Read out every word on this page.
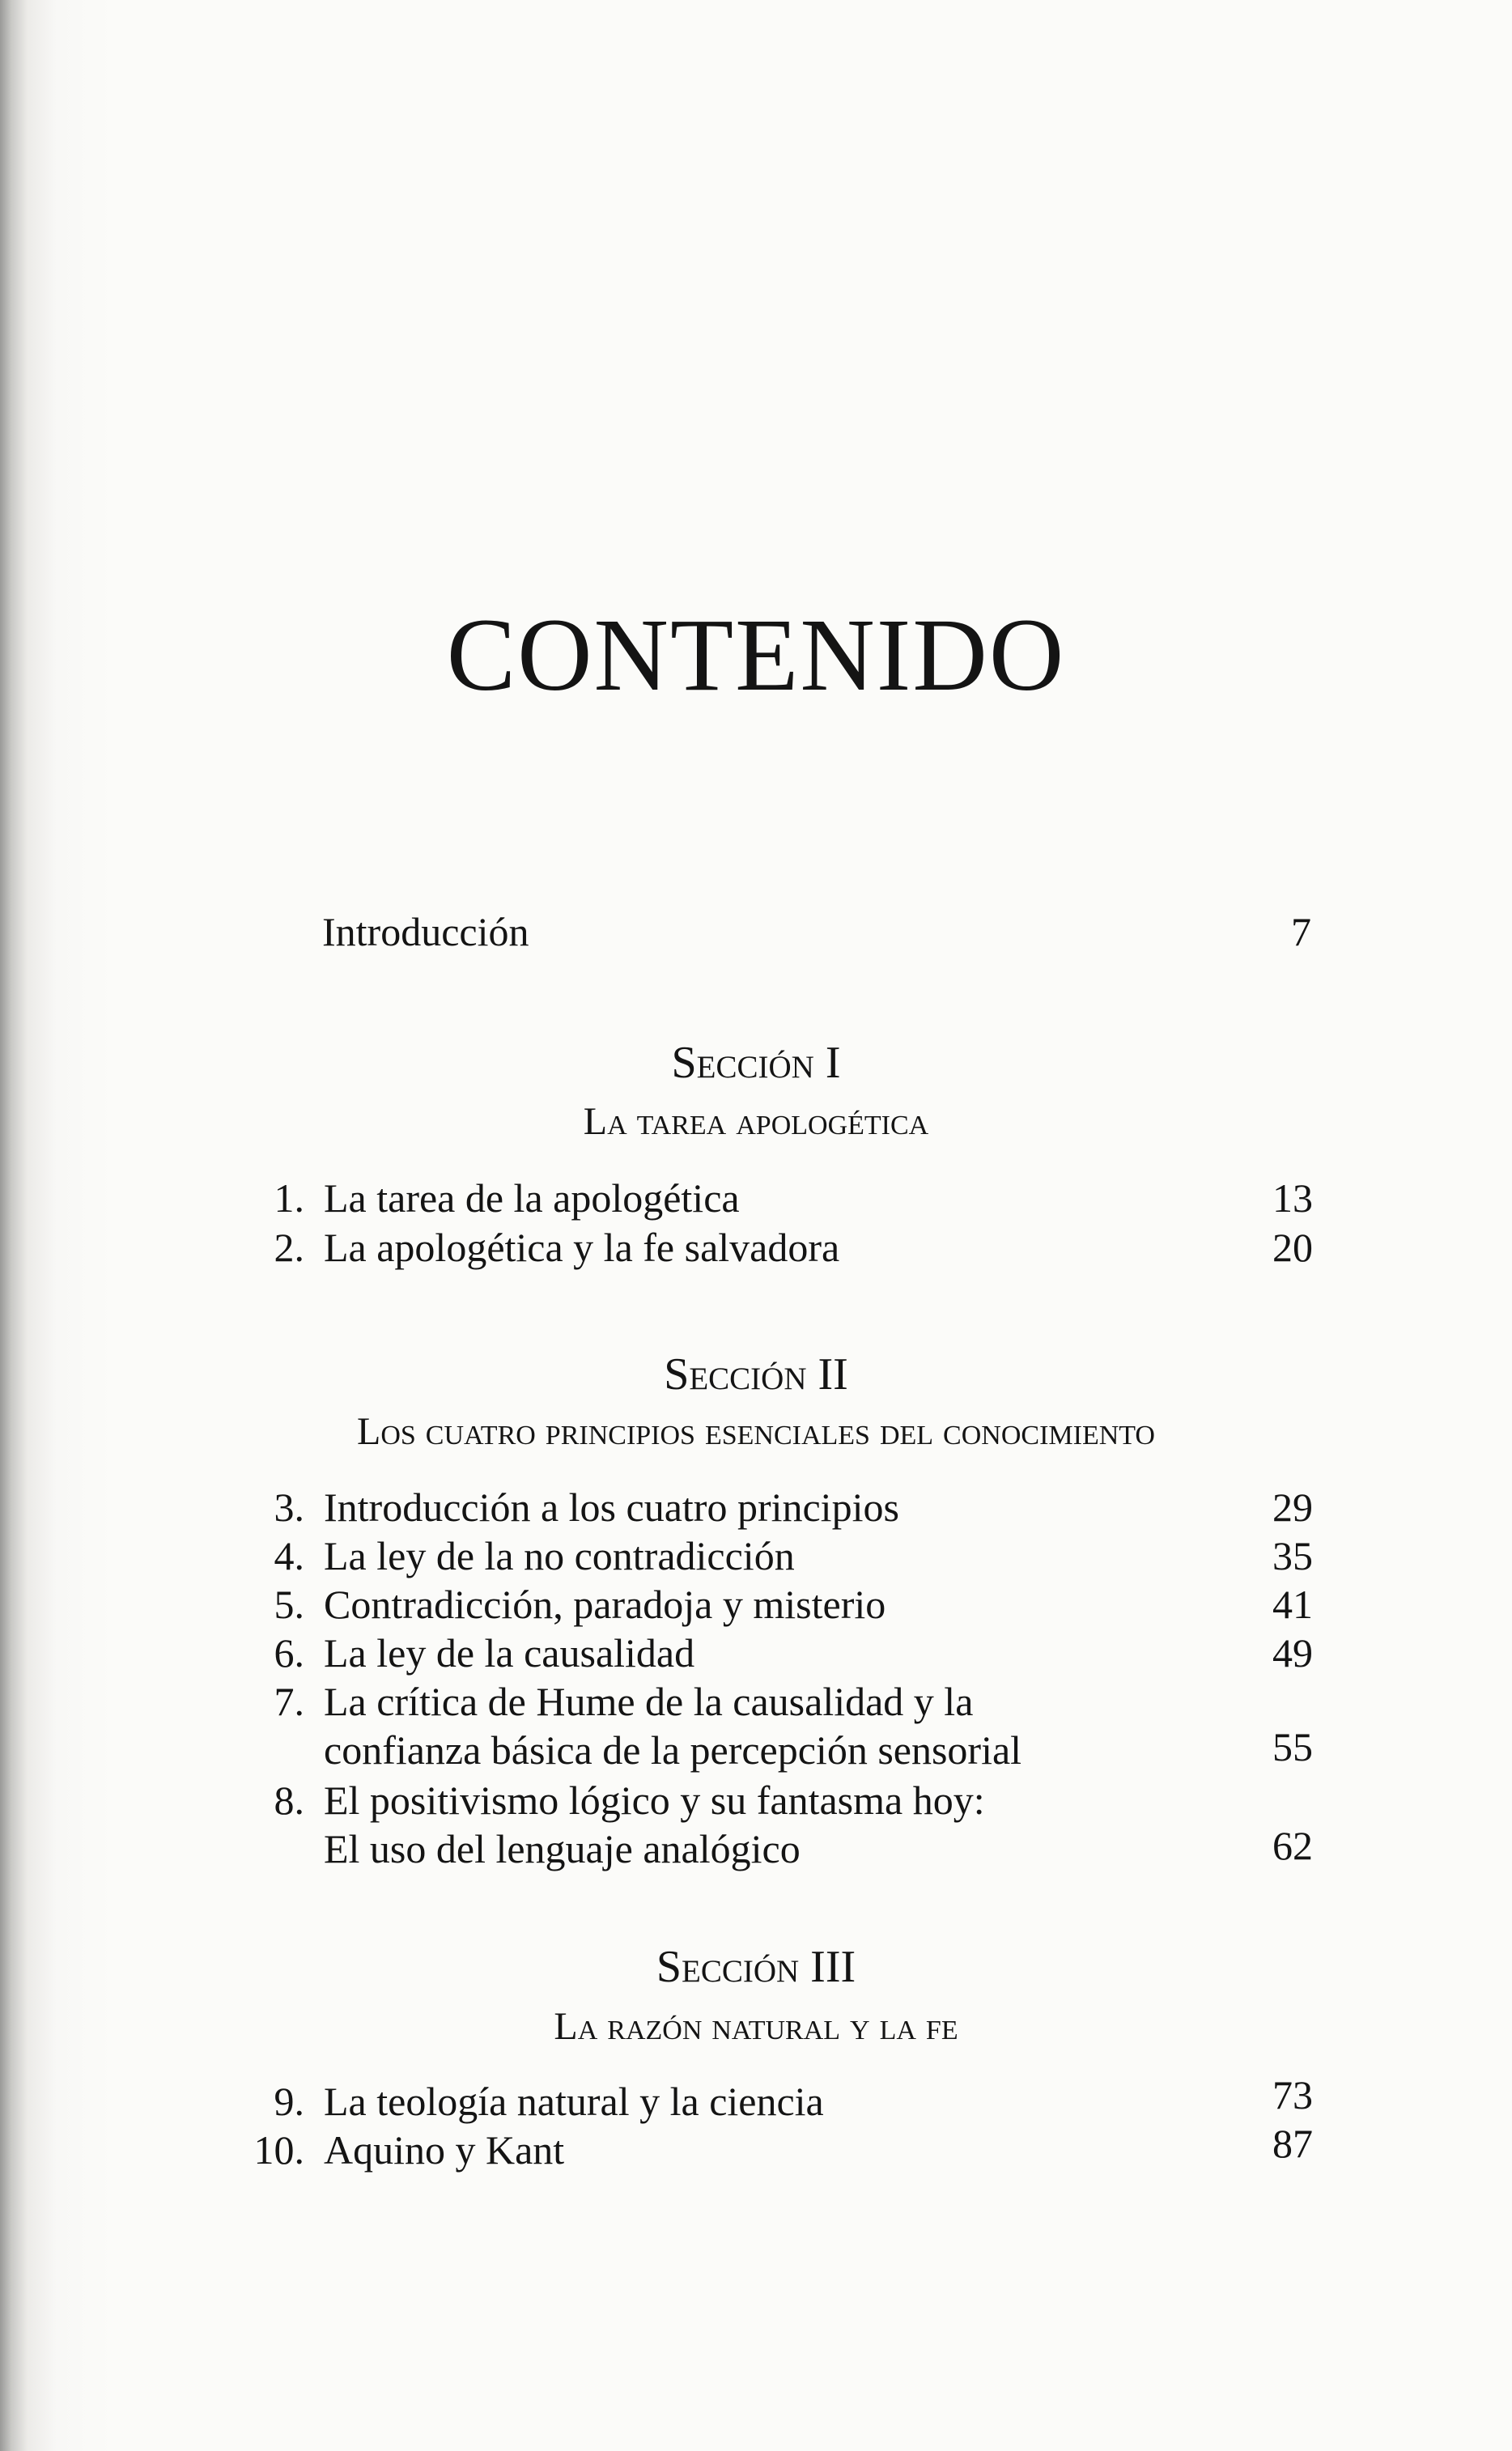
CONTENIDO
Introducción	7
Sección I
La tarea apologética
1. La tarea de la apologética	13
2. La apologética y la fe salvadora	20
Sección II
Los cuatro principios esenciales del conocimiento
3. Introducción a los cuatro principios	29
4. La ley de la no contradicción	35
5. Contradicción, paradoja y misterio	41
6. La ley de la causalidad	49
7. La crítica de Hume de la causalidad y la
confianza básica de la percepción sensorial	55
8. El positivismo lógico y su fantasma hoy:
El uso del lenguaje analógico	62
Sección III
La razón natural y la fe
9. La teología natural y la ciencia	73
10. Aquino y Kant	87
